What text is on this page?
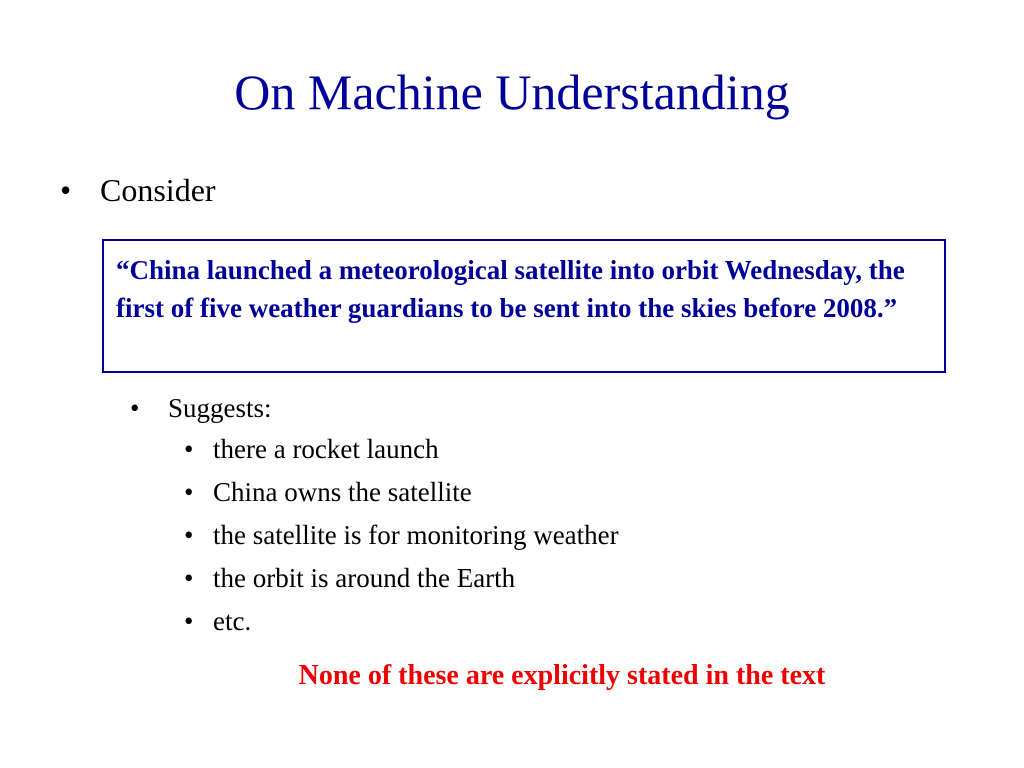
On Machine Understanding
• Consider
“China launched a meteorological satellite into orbit Wednesday, the first of five weather guardians to be sent into the skies before 2008.”
•	Suggests:
• there a rocket launch
• China owns the satellite
• the satellite is for monitoring weather
• the orbit is around the Earth
• etc.
None of these are explicitly stated in the text
